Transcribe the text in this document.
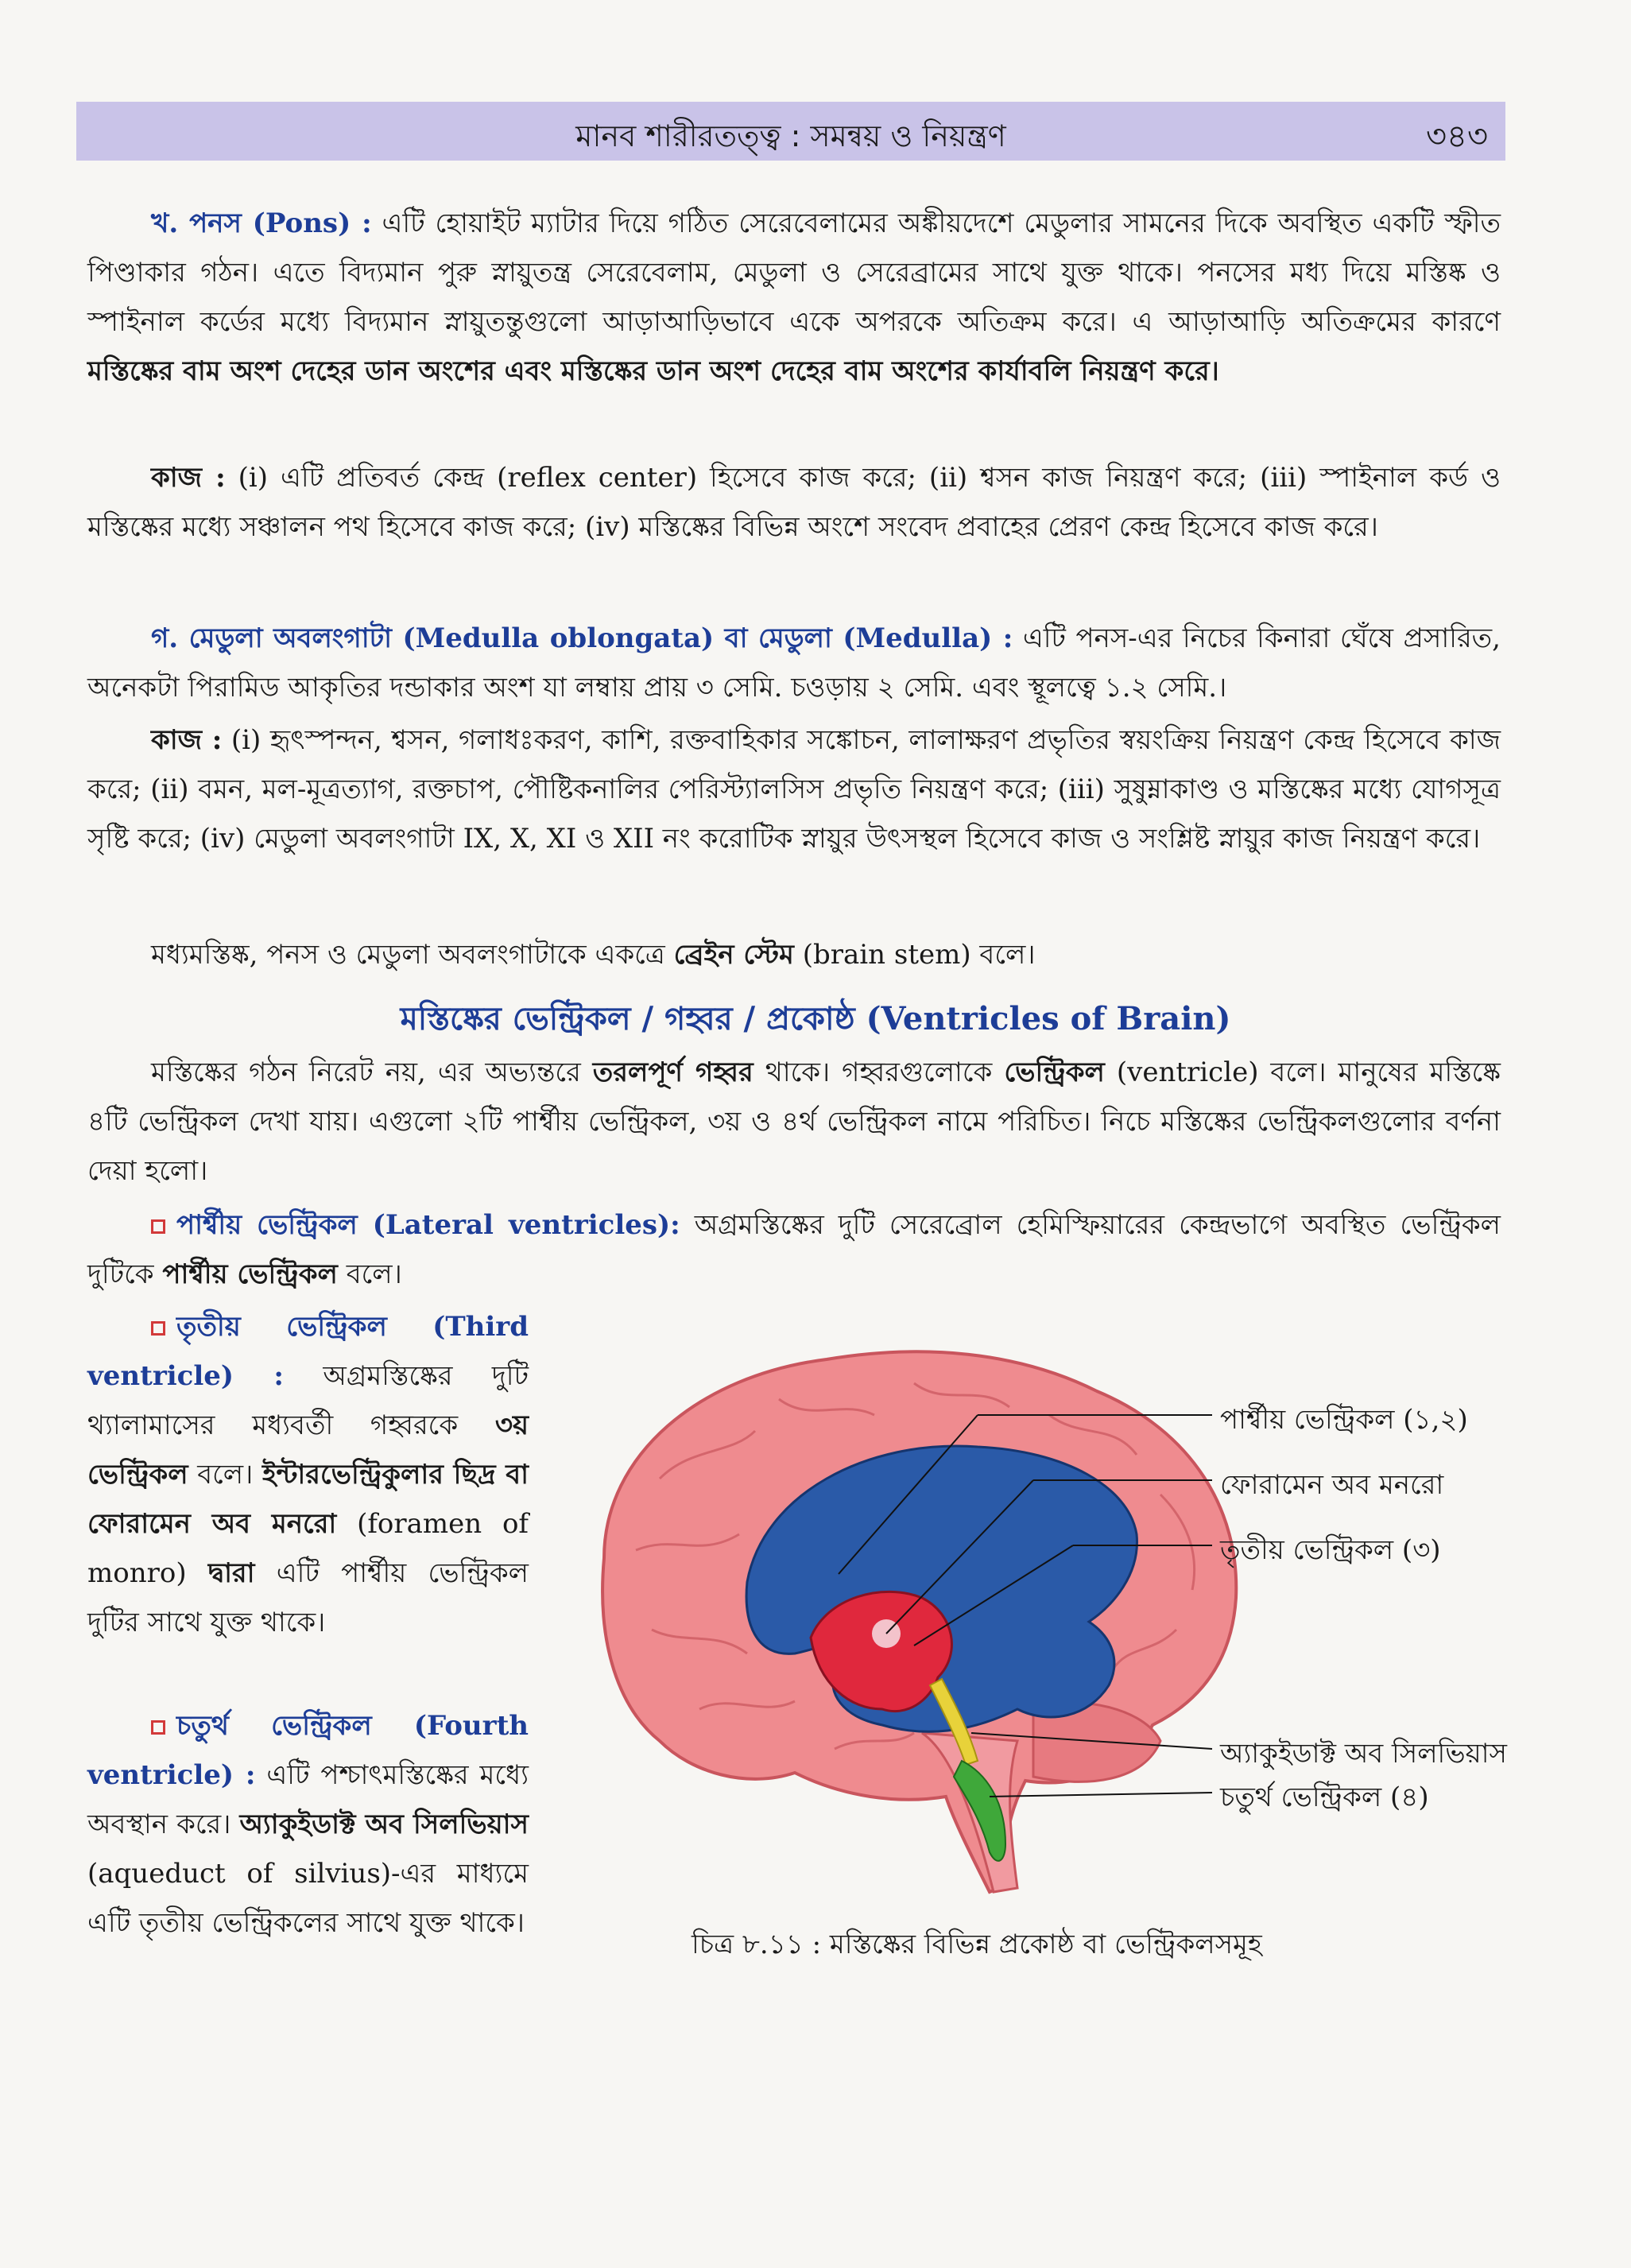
মানব শারীরতত্ত্ব : সমন্বয় ও নিয়ন্ত্রণ	৩৪৩

খ. পনস (Pons) : এটি হোয়াইট ম্যাটার দিয়ে গঠিত সেরেবেলামের অঙ্কীয়দেশে মেডুলার সামনের দিকে অবস্থিত একটি স্ফীত পিণ্ডাকার গঠন। এতে বিদ্যমান পুরু স্নায়ুতন্ত্র সেরেবেলাম, মেডুলা ও সেরেব্রামের সাথে যুক্ত থাকে। পনসের মধ্য দিয়ে মস্তিষ্ক ও স্পাইনাল কর্ডের মধ্যে বিদ্যমান স্নায়ুতন্তুগুলো আড়াআড়িভাবে একে অপরকে অতিক্রম করে। এ আড়াআড়ি অতিক্রমের কারণে মস্তিষ্কের বাম অংশ দেহের ডান অংশের এবং মস্তিষ্কের ডান অংশ দেহের বাম অংশের কার্যাবলি নিয়ন্ত্রণ করে।

কাজ : (i) এটি প্রতিবর্ত কেন্দ্র (reflex center) হিসেবে কাজ করে; (ii) শ্বসন কাজ নিয়ন্ত্রণ করে; (iii) স্পাইনাল কর্ড ও মস্তিষ্কের মধ্যে সঞ্চালন পথ হিসেবে কাজ করে; (iv) মস্তিষ্কের বিভিন্ন অংশে সংবেদ প্রবাহের প্রেরণ কেন্দ্র হিসেবে কাজ করে।

গ. মেডুলা অবলংগাটা (Medulla oblongata) বা মেডুলা (Medulla) : এটি পনস-এর নিচের কিনারা ঘেঁষে প্রসারিত, অনেকটা পিরামিড আকৃতির দন্ডাকার অংশ যা লম্বায় প্রায় ৩ সেমি. চওড়ায় ২ সেমি. এবং স্থূলত্বে ১.২ সেমি.।

কাজ : (i) হৃৎস্পন্দন, শ্বসন, গলাধঃকরণ, কাশি, রক্তবাহিকার সঙ্কোচন, লালাক্ষরণ প্রভৃতির স্বয়ংক্রিয় নিয়ন্ত্রণ কেন্দ্র হিসেবে কাজ করে; (ii) বমন, মল-মূত্রত্যাগ, রক্তচাপ, পৌষ্টিকনালির পেরিস্ট্যালসিস প্রভৃতি নিয়ন্ত্রণ করে; (iii) সুষুম্নাকাণ্ড ও মস্তিষ্কের মধ্যে যোগসূত্র সৃষ্টি করে; (iv) মেডুলা অবলংগাটা IX, X, XI ও XII নং করোটিক স্নায়ুর উৎসস্থল হিসেবে কাজ ও সংশ্লিষ্ট স্নায়ুর কাজ নিয়ন্ত্রণ করে।

মধ্যমস্তিষ্ক, পনস ও মেডুলা অবলংগাটাকে একত্রে ব্রেইন স্টেম (brain stem) বলে।

মস্তিষ্কের ভেন্ট্রিকল / গহ্বর / প্রকোষ্ঠ (Ventricles of Brain)

মস্তিষ্কের গঠন নিরেট নয়, এর অভ্যন্তরে তরলপূর্ণ গহ্বর থাকে। গহ্বরগুলোকে ভেন্ট্রিকল (ventricle) বলে। মানুষের মস্তিষ্কে ৪টি ভেন্ট্রিকল দেখা যায়। এগুলো ২টি পার্শ্বীয় ভেন্ট্রিকল, ৩য় ও ৪র্থ ভেন্ট্রিকল নামে পরিচিত। নিচে মস্তিষ্কের ভেন্ট্রিকলগুলোর বর্ণনা দেয়া হলো।

পার্শ্বীয় ভেন্ট্রিকল (Lateral ventricles): অগ্রমস্তিষ্কের দুটি সেরেব্রোল হেমিস্ফিয়ারের কেন্দ্রভাগে অবস্থিত ভেন্ট্রিকল দুটিকে পার্শ্বীয় ভেন্ট্রিকল বলে।

তৃতীয় ভেন্ট্রিকল (Third ventricle) : অগ্রমস্তিষ্কের দুটি থ্যালামাসের মধ্যবর্তী গহ্বরকে ৩য় ভেন্ট্রিকল বলে। ইন্টারভেন্ট্রিকুলার ছিদ্র বা ফোরামেন অব মনরো (foramen of monro) দ্বারা এটি পার্শ্বীয় ভেন্ট্রিকল দুটির সাথে যুক্ত থাকে।

চতুর্থ ভেন্ট্রিকল (Fourth ventricle) : এটি পশ্চাৎমস্তিষ্কের মধ্যে অবস্থান করে। অ্যাকুইডাক্ট অব সিলভিয়াস (aqueduct of silvius)-এর মাধ্যমে এটি তৃতীয় ভেন্ট্রিকলের সাথে যুক্ত থাকে।

পার্শ্বীয় ভেন্ট্রিকল (১,২)
ফোরামেন অব মনরো
তৃতীয় ভেন্ট্রিকল (৩)
অ্যাকুইডাক্ট অব সিলভিয়াস
চতুর্থ ভেন্ট্রিকল (৪)
চিত্র ৮.১১ : মস্তিষ্কের বিভিন্ন প্রকোষ্ঠ বা ভেন্ট্রিকলসমূহ
